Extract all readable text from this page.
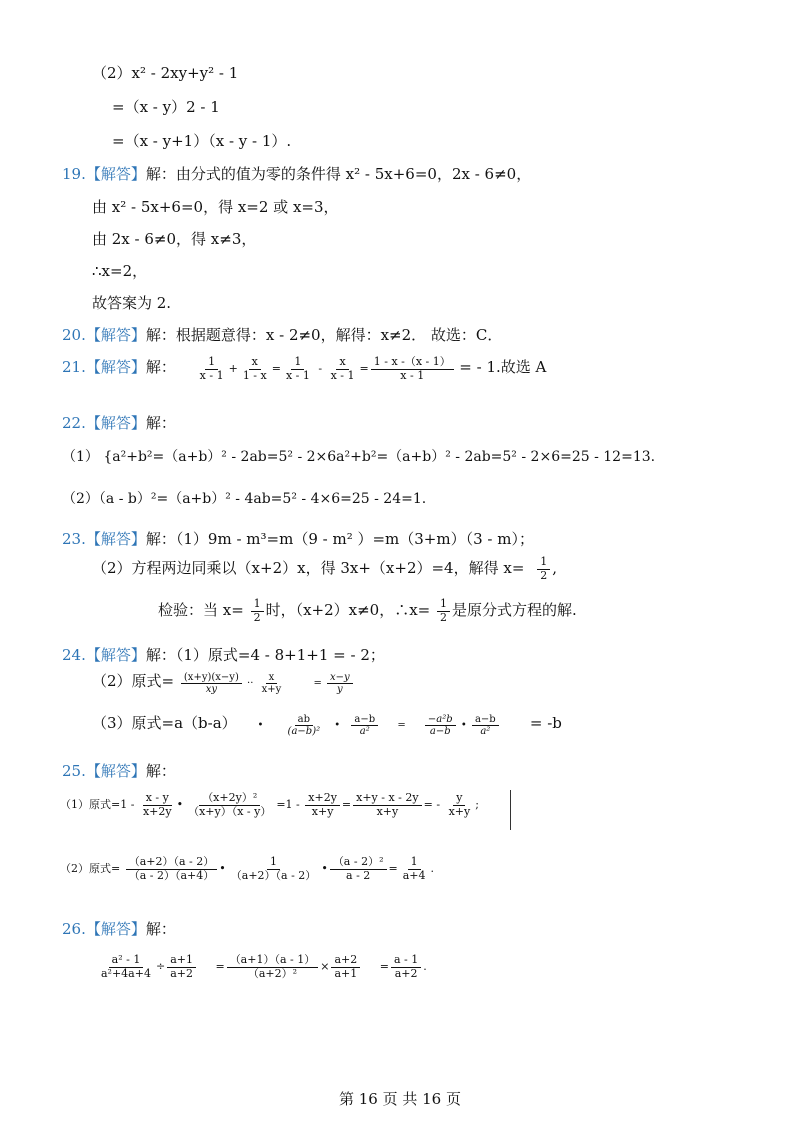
（2）x² - 2xy+y² - 1
=（x - y）2 - 1
=（x - y+1）（x - y - 1）.
19.【解答】解：由分式的值为零的条件得 x² - 5x+6=0，2x - 6≠0，
由 x² - 5x+6=0，得 x=2 或 x=3，
由 2x - 6≠0，得 x≠3，
∴x=2，
故答案为 2.
20.【解答】解：根据题意得：x - 2≠0，解得：x≠2． 故选：C．
21.【解答】解： $\frac{1}{x - 1} + \frac{x}{1 - x} = \frac{1}{x - 1} - \frac{x}{x - 1} = \frac{1 - x -(x - 1)}{x - 1}$ = - 1.故选 A
22.【解答】解：
（1） {a²+b²=（a+b）² - 2ab=5² - 2×6a²+b²=（a+b）² - 2ab=5² - 2×6=25 - 12=13.
（2）（a - b）²=（a+b）² - 4ab=5² - 4×6=25 - 24=1.
23.【解答】解：（1）9m - m³=m（9 - m² ）=m（3+m）（3 - m）；
（2）方程两边同乘以（x+2）x，得 3x+（x+2）=4，解得 $x= \frac{1}{2}$ ,
检验：当 $x= \frac{1}{2}$ 时，（x+2）x≠0，∴x= $\frac{1}{2}$ 是原分式方程的解.
24.【解答】解：（1）原式=4 - 8+1+1 = - 2；
（2）原式= $\frac{(x+y)(x-y)}{xy} \cdot\cdot \frac{x}{x+y}$	= $\frac{x-y}{y}$
（3）原式=a（b-a） • $\frac{ab}{\text{(a−b)²}}$ • $\frac{a-b}{\text{a²}} = \frac{\text{−a²b}}{a-b}$ • $\frac{a-b}{\text{a²}} = -b$
25.【解答】解：
（1）原式$=1 - \frac{x - y}{x+2y}$ • $\frac{\text{（x+2y）²}}{(x+y)(x - y)} =1 - \frac{x+2y}{x+y} = \frac{x+y - x - 2y}{x+y}$ = - $\frac{y}{x+y}$ ;
（2）原式= $\frac{(a+2)(a - 2)}{(a - 2)(a+4)}$ • $\frac{1}{(a+2)(a - 2)}$ • $\frac{\text{（a - 2）²}}{a - 2} = \frac{1}{a+4}$ .
26.【解答】解：
$\frac{\text{a² - 1}}{\text{a²+4a+4}} \div \frac{a+1}{a+2} = \frac{(a+1)(a - 1)}{\text{（a+2）²}} \times \frac{a+2}{a+1} = \frac{a - 1}{a+2}$ .
第 16 页 共 16 页
